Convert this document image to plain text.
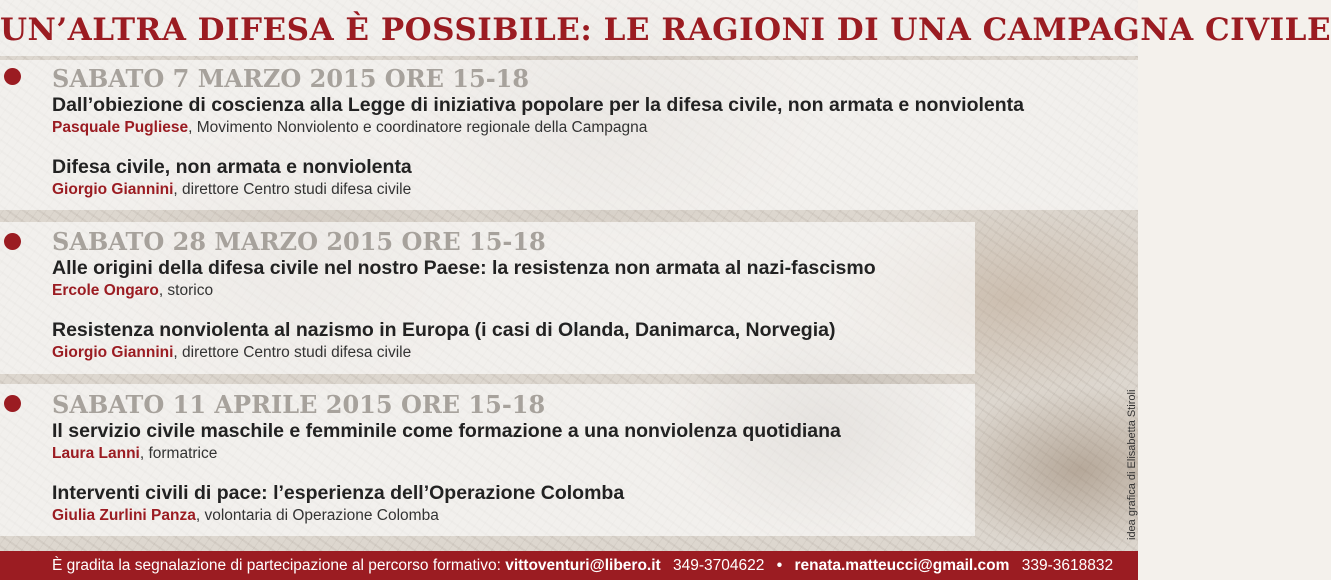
UN’ALTRA DIFESA È POSSIBILE: LE RAGIONI DI UNA CAMPAGNA CIVILE
SABATO 7 MARZO 2015 ORE 15-18
Dall’obiezione di coscienza alla Legge di iniziativa popolare per la difesa civile, non armata e nonviolenta
Pasquale Pugliese, Movimento Nonviolento e coordinatore regionale della Campagna
Difesa civile, non armata e nonviolenta
Giorgio Giannini, direttore Centro studi difesa civile
SABATO 28 MARZO 2015 ORE 15-18
Alle origini della difesa civile nel nostro Paese: la resistenza non armata al nazi-fascismo
Ercole Ongaro, storico
Resistenza nonviolenta al nazismo in Europa (i casi di Olanda, Danimarca, Norvegia)
Giorgio Giannini, direttore Centro studi difesa civile
SABATO 11 APRILE 2015 ORE 15-18
Il servizio civile maschile e femminile come formazione a una nonviolenza quotidiana
Laura Lanni, formatrice
Interventi civili di pace: l’esperienza dell’Operazione Colomba
Giulia Zurlini Panza, volontaria di Operazione Colomba	idea grafica di Elisabetta Stiroli
È gradita la segnalazione di partecipazione al percorso formativo: vittoventuri@libero.it 349-3704622 • renata.matteucci@gmail.com 339-3618832
